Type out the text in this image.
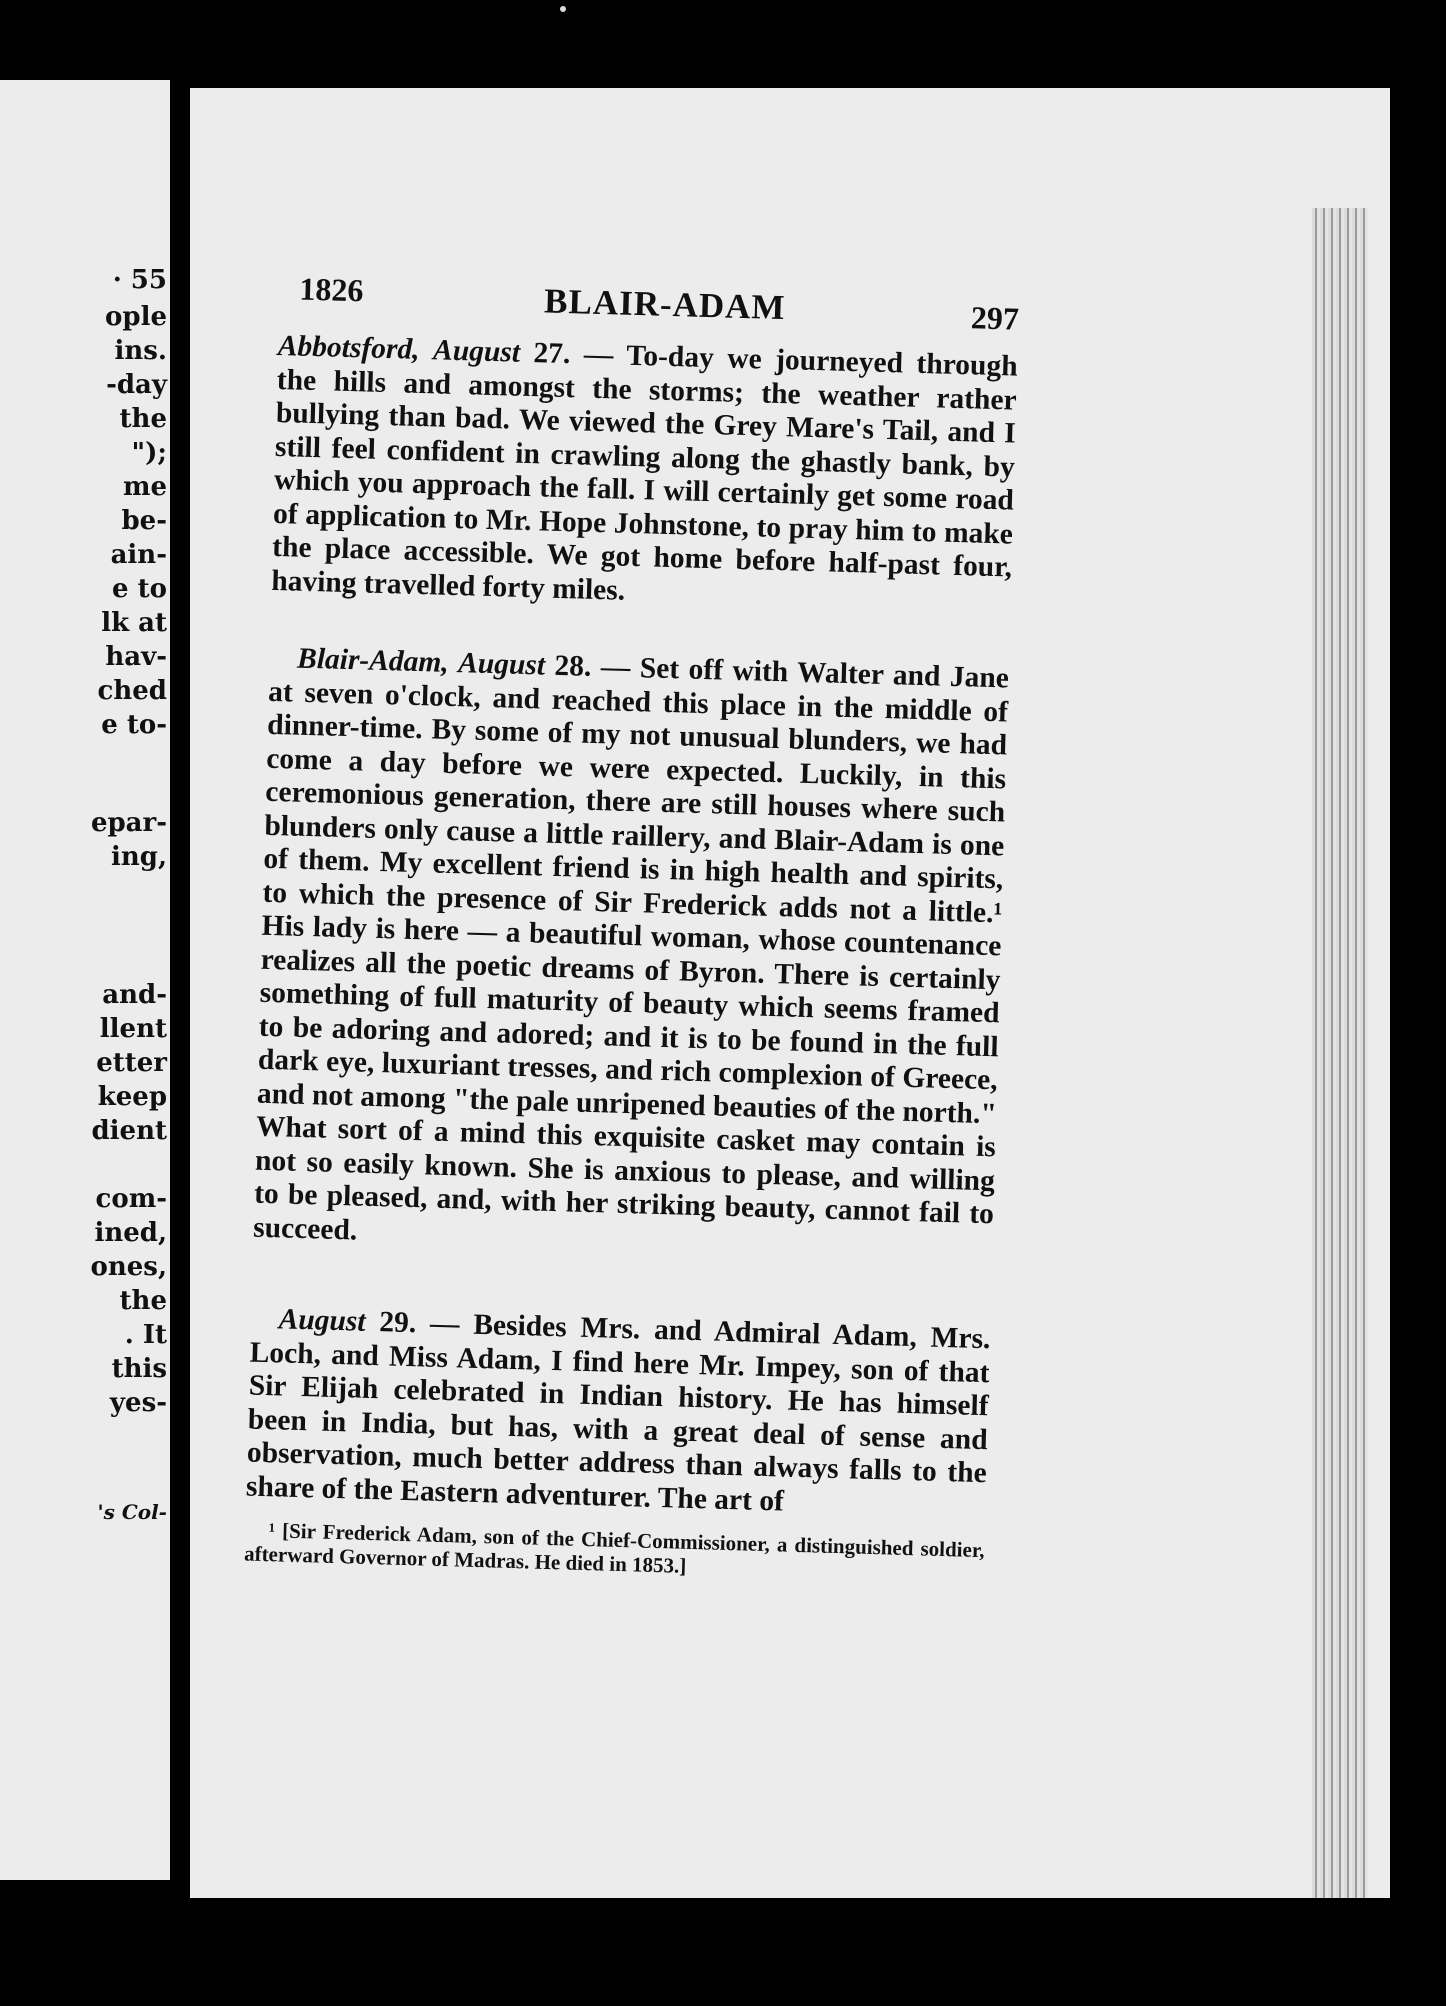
· 55
ople
ins.
-day
the
");
me
be-
ain-
e to
lk at
hav-
ched
e to-
epar-
ing,
and-
llent
etter
keep
dient
com-
ined,
ones,
the
. It
this
yes-
's Col-
1826	BLAIR-ADAM	297

Abbotsford, August 27. — To-day we journeyed through the hills and amongst the storms; the weather rather bullying than bad. We viewed the Grey Mare's Tail, and I still feel confident in crawling along the ghastly bank, by which you approach the fall. I will certainly get some road of application to Mr. Hope Johnstone, to pray him to make the place accessible. We got home before half-past four, having travelled forty miles.

Blair-Adam, August 28. — Set off with Walter and Jane at seven o'clock, and reached this place in the middle of dinner-time. By some of my not unusual blunders, we had come a day before we were expected. Luckily, in this ceremonious generation, there are still houses where such blunders only cause a little raillery, and Blair-Adam is one of them. My excellent friend is in high health and spirits, to which the presence of Sir Frederick adds not a little.¹ His lady is here — a beautiful woman, whose countenance realizes all the poetic dreams of Byron. There is certainly something of full maturity of beauty which seems framed to be adoring and adored; and it is to be found in the full dark eye, luxuriant tresses, and rich complexion of Greece, and not among "the pale unripened beauties of the north." What sort of a mind this exquisite casket may contain is not so easily known. She is anxious to please, and willing to be pleased, and, with her striking beauty, cannot fail to succeed.

August 29. — Besides Mrs. and Admiral Adam, Mrs. Loch, and Miss Adam, I find here Mr. Impey, son of that Sir Elijah celebrated in Indian history. He has himself been in India, but has, with a great deal of sense and observation, much better address than always falls to the share of the Eastern adventurer. The art of

¹ [Sir Frederick Adam, son of the Chief-Commissioner, a distinguished soldier, afterward Governor of Madras. He died in 1853.]
